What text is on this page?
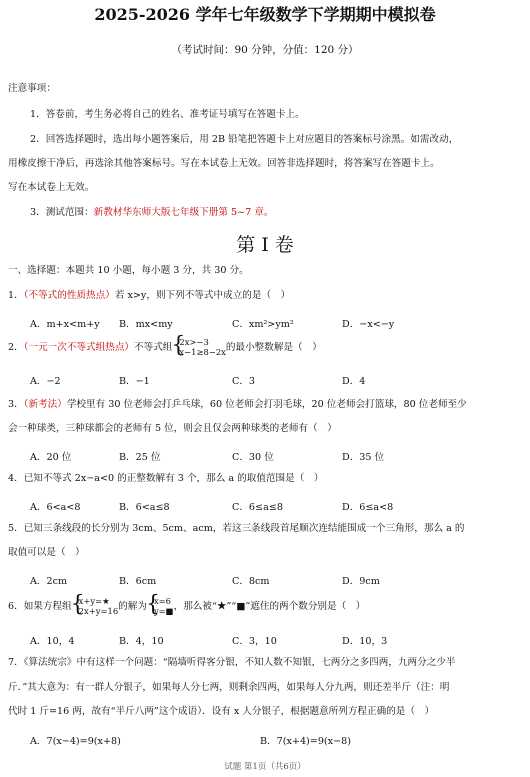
2025-2026 学年七年级数学下学期期中模拟卷
（考试时间：90 分钟，分值：120 分）
注意事项：
1．答卷前，考生务必将自己的姓名、准考证号填写在答题卡上。
2．回答选择题时，选出每小题答案后，用 2B 铅笔把答题卡上对应题目的答案标号涂黑。如需改动，
用橡皮擦干净后，再选涂其他答案标号。写在本试卷上无效。回答非选择题时，将答案写在答题卡上。
写在本试卷上无效。
3．测试范围：新教材华东师大版七年级下册第 5~7 章。
第 I 卷
一、选择题：本题共 10 小题，每小题 3 分，共 30 分。
1．（不等式的性质热点）若 x>y，则下列不等式中成立的是（　）
A．m+x<m+y B．mx<my	C．xm²>ym²	D．−x<−y
2．（一元一次不等式组热点）不等式组 { 2x>−3
x−1≥8−2x 的最小整数解是（　）
A．−2	B．−1	C．3	D．4
3．（新考法）学校里有 30 位老师会打乒乓球，60 位老师会打羽毛球，20 位老师会打篮球，80 位老师至少
会一种球类，三种球都会的老师有 5 位，则会且仅会两种球类的老师有（　）
A．20 位	B．25 位	C．30 位	D．35 位
4．已知不等式 2x−a<0 的正整数解有 3 个，那么 a 的取值范围是（　）
A．6<a<8	B．6<a≤8	C．6≤a≤8	D．6≤a<8
5．已知三条线段的长分别为 3cm、5cm、acm，若这三条线段首尾顺次连结能围成一个三角形，那么 a 的
取值可以是（　）
A．2cm	B．6cm	C．8cm	D．9cm
6．如果方程组 { x+y=★
2x+y=16 的解为 { x=6
y=■ ，那么被“★”“■”遮住的两个数分别是（　）
A．10，4	B．4，10	C．3，10	D．10，3
7．《算法统宗》中有这样一个问题：“隔墙听得客分银，不知人数不知银，七两分之多四两，九两分之少半
斤．”其大意为：有一群人分银子，如果每人分七两，则剩余四两，如果每人分九两，则还差半斤（注：明
代时 1 斤=16 两，故有“半斤八两”这个成语）．设有 x 人分银子，根据题意所列方程正确的是（　）
A．7(x−4)=9(x+8)	B．7(x+4)=9(x−8)
试题 第1页（共6页）
